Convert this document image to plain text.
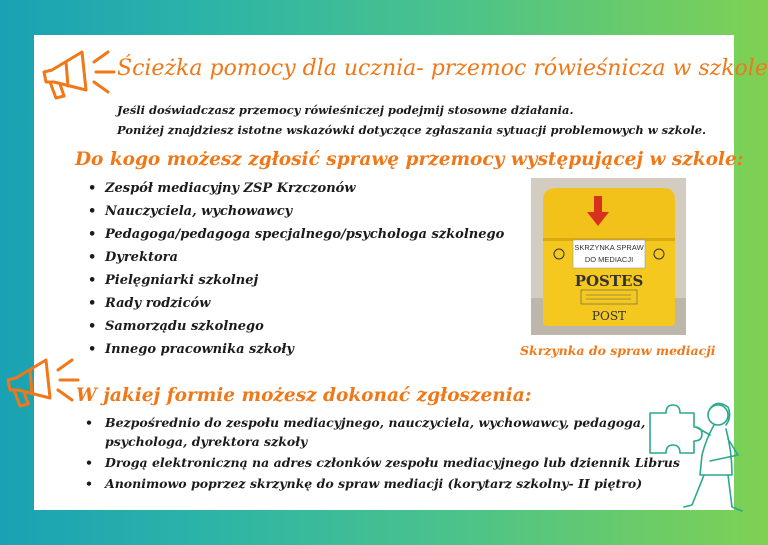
Ścieżka pomocy dla ucznia- przemoc rówieśnicza w szkole
Jeśli doświadczasz przemocy rówieśniczej podejmij stosowne działania.
Poniżej znajdziesz istotne wskazówki dotyczące zgłaszania sytuacji problemowych w szkole.
Do kogo możesz zgłosić sprawę przemocy występującej w szkole:
• Zespół mediacyjny ZSP Krzczonów
• Nauczyciela, wychowawcy
• Pedagoga/pedagoga specjalnego/psychologa szkolnego
• Dyrektora
• Pielęgniarki szkolnej
• Rady rodziców
• Samorządu szkolnego
• Innego pracownika szkoły
SKRZYNKA SPRAW
DO MEDIACJI
POSTES
POST
Skrzynka do spraw mediacji
W jakiej formie możesz dokonać zgłoszenia:
• Bezpośrednio do zespołu mediacyjnego, nauczyciela, wychowawcy, pedagoga, psychologa, dyrektora szkoły
• Drogą elektroniczną na adres członków zespołu mediacyjnego lub dziennik Librus
• Anonimowo poprzez skrzynkę do spraw mediacji (korytarz szkolny- II piętro)
